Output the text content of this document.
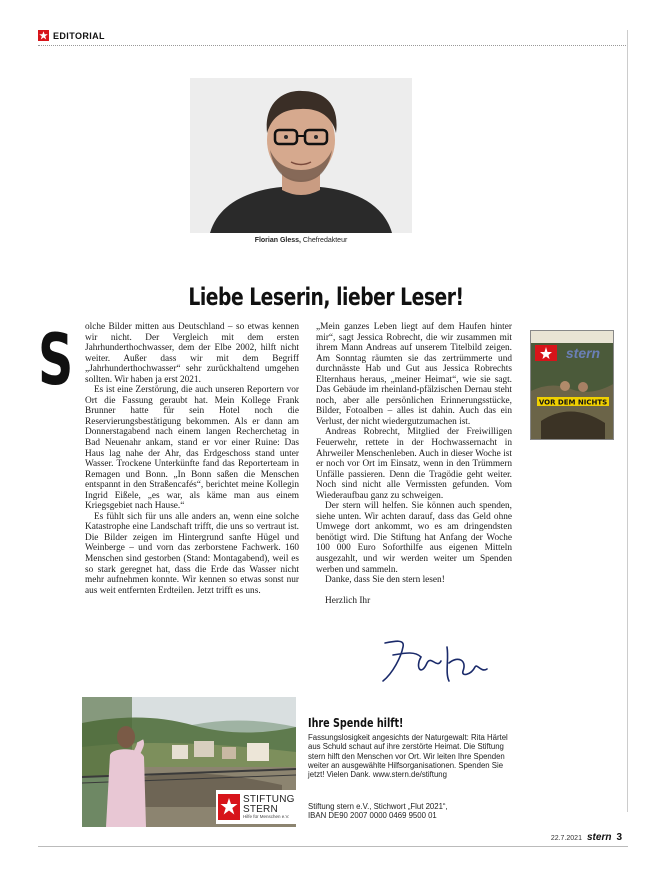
EDITORIAL
Florian Gless, Chefredakteur
Liebe Leserin, lieber Leser!
S olche Bilder mitten aus Deutschland – so etwas kennen wir nicht. Der Vergleich mit dem ersten Jahrhunderthochwasser, dem der Elbe 2002, hilft nicht weiter. Außer dass wir mit dem Begriff „Jahrhunderthochwasser“ sehr zurückhaltend umgehen sollten. Wir haben ja erst 2021.

Es ist eine Zerstörung, die auch unseren Reportern vor Ort die Fassung geraubt hat. Mein Kollege Frank Brunner hatte für sein Hotel noch die Reservierungsbestätigung bekommen. Als er dann am Donnerstagabend nach einem langen Recherchetag in Bad Neuenahr ankam, stand er vor einer Ruine: Das Haus lag nahe der Ahr, das Erdgeschoss stand unter Wasser. Trockene Unterkünfte fand das Reporterteam in Remagen und Bonn. „In Bonn saßen die Menschen entspannt in den Straßencafés“, berichtet meine Kollegin Ingrid Eißele, „es war, als käme man aus einem Kriegsgebiet nach Hause.“

Es fühlt sich für uns alle anders an, wenn eine solche Katastrophe eine Landschaft trifft, die uns so vertraut ist. Die Bilder zeigen im Hintergrund sanfte Hügel und Weinberge – und vorn das zerborstene Fachwerk. 160 Menschen sind gestorben (Stand: Montagabend), weil es so stark geregnet hat, dass die Erde das Wasser nicht mehr aufnehmen konnte. Wir kennen so etwas sonst nur aus weit entfernten Erdteilen. Jetzt trifft es uns.

„Mein ganzes Leben liegt auf dem Haufen hinter mir“, sagt Jessica Robrecht, die wir zusammen mit ihrem Mann Andreas auf unserem Titelbild zeigen. Am Sonntag räumten sie das zertrümmerte und durchnässte Hab und Gut aus Jessica Robrechts Elternhaus heraus, „meiner Heimat“, wie sie sagt. Das Gebäude im rheinland-pfälzischen Dernau steht noch, aber alle persönlichen Erinnerungsstücke, Bilder, Fotoalben – alles ist dahin. Auch das ein Verlust, der nicht wiedergutzumachen ist.

Andreas Robrecht, Mitglied der Freiwilligen Feuerwehr, rettete in der Hochwassernacht in Ahrweiler Menschenleben. Auch in dieser Woche ist er noch vor Ort im Einsatz, wenn in den Trümmern Unfälle passieren. Denn die Tragödie geht weiter. Noch sind nicht alle Vermissten gefunden. Vom Wiederaufbau ganz zu schweigen.

Der stern will helfen. Sie können auch spenden, siehe unten. Wir achten darauf, dass das Geld ohne Umwege dort ankommt, wo es am dringendsten benötigt wird. Die Stiftung hat Anfang der Woche 100 000 Euro Soforthilfe aus eigenen Mitteln ausgezahlt, und wir werden weiter um Spenden werben und sammeln.

Danke, dass Sie den stern lesen!

Herzlich Ihr

stern
VOR DEM NICHTS
STIFTUNG
STERN
Hilfe für Menschen e.V.
Ihre Spende hilft!
Fassungslosigkeit angesichts der Naturgewalt: Rita Härtel aus Schuld schaut auf ihre zerstörte Heimat. Die Stiftung stern hilft den Menschen vor Ort. Wir leiten Ihre Spenden weiter an ausgewählte Hilfsorganisationen. Spenden Sie jetzt! Vielen Dank. www.stern.de/stiftung
Stiftung stern e.V., Stichwort „Flut 2021“,
IBAN DE90 2007 0000 0469 9500 01
22.7.2021 stern 3
